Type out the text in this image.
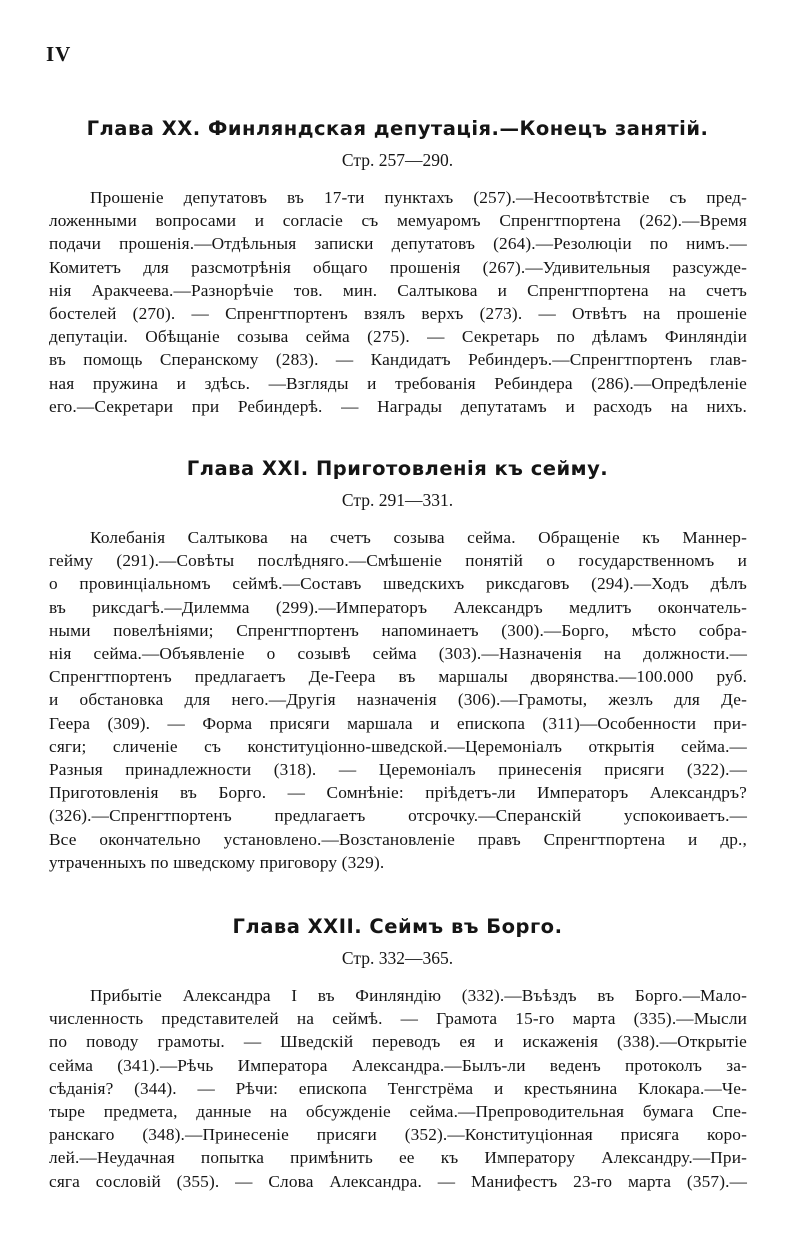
IV
Глава XX. Финляндская депутація.—Конецъ занятій.
Стр. 257—290.
Прошеніе депутатовъ въ 17-ти пунктахъ (257).—Несоотвѣтствіе съ пред-
ложенными вопросами и согласіе съ мемуаромъ Спренгтпортена (262).—Время
подачи прошенія.—Отдѣльныя записки депутатовъ (264).—Резолюціи по нимъ.—
Комитетъ для разсмотрѣнія общаго прошенія (267).—Удивительныя разсужде-
нія Аракчеева.—Разнорѣчіе тов. мин. Салтыкова и Спренгтпортена на счетъ
бостелей (270). — Спренгтпортенъ взялъ верхъ (273). — Отвѣтъ на прошеніе
депутаціи. Обѣщаніе созыва сейма (275). — Секретарь по дѣламъ Финляндіи
въ помощь Сперанскому (283). — Кандидатъ Ребиндеръ.—Спренгтпортенъ глав-
ная пружина и здѣсь. —Взгляды и требованія Ребиндера (286).—Опредѣленіе
его.—Секретари при Ребиндерѣ. — Награды депутатамъ и расходъ на нихъ.
Глава XXI. Приготовленія къ сейму.
Стр. 291—331.
Колебанія Салтыкова на счетъ созыва сейма. Обращеніе къ Маннер-
гейму (291).—Совѣты послѣдняго.—Смѣшеніе понятій о государственномъ и
о провинціальномъ сеймѣ.—Составъ шведскихъ риксдаговъ (294).—Ходъ дѣлъ
въ риксдагѣ.—Дилемма (299).—Императоръ Александръ медлитъ окончатель-
ными повелѣніями; Спренгтпортенъ напоминаетъ (300).—Борго, мѣсто собра-
нія сейма.—Объявленіе о созывѣ сейма (303).—Назначенія на должности.—
Спренгтпортенъ предлагаетъ Де-Геера въ маршалы дворянства.—100.000 руб.
и обстановка для него.—Другія назначенія (306).—Грамоты, жезлъ для Де-
Геера (309). — Форма присяги маршала и епископа (311)—Особенности при-
сяги; сличеніе съ конституціонно-шведской.—Церемоніалъ открытія сейма.—
Разныя принадлежности (318). — Церемоніалъ принесенія присяги (322).—
Приготовленія въ Борго. — Сомнѣніе: пріѣдетъ-ли Императоръ Александръ?
(326).—Спренгтпортенъ предлагаетъ отсрочку.—Сперанскій успокоиваетъ.—
Все окончательно установлено.—Возстановленіе правъ Спренгтпортена и др.,
утраченныхъ по шведскому приговору (329).
Глава XXII. Сеймъ въ Борго.
Стр. 332—365.
Прибытіе Александра I въ Финляндію (332).—Въѣздъ въ Борго.—Мало-
численность представителей на сеймѣ. — Грамота 15-го марта (335).—Мысли
по поводу грамоты. — Шведскій переводъ ея и искаженія (338).—Открытіе
сейма (341).—Рѣчь Императора Александра.—Былъ-ли веденъ протоколъ за-
сѣданія? (344). — Рѣчи: епископа Тенгстрёма и крестьянина Клокара.—Че-
тыре предмета, данные на обсужденіе сейма.—Препроводительная бумага Спе-
ранскаго (348).—Принесеніе присяги (352).—Конституціонная присяга коро-
лей.—Неудачная попытка примѣнить ее къ Императору Александру.—При-
сяга сословій (355). — Слова Александра. — Манифестъ 23-го марта (357).—
